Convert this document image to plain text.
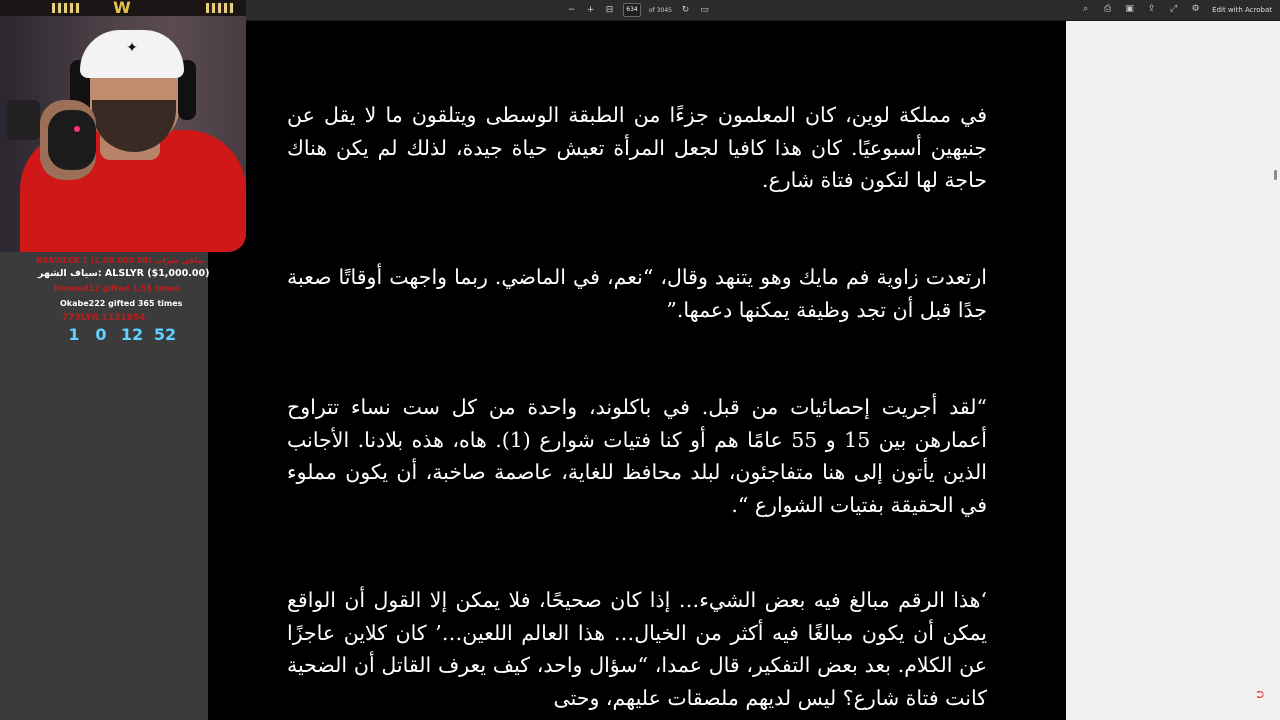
− + ⊟	634	of 3045 ↻ ▭	⌕	⎙ ▣ ⇪ ⤢ ⚙ Edit with Acrobat
في مملكة لوين، كان المعلمون جزءًا من الطبقة الوسطى ويتلقون ما لا يقل عن جنيهين أسبوعيًا. كان هذا كافيا لجعل المرأة تعيش حياة جيدة، لذلك لم يكن هناك حاجة لها لتكون فتاة شارع.
ارتعدت زاوية فم مايك وهو يتنهد وقال، “نعم، في الماضي. ربما واجهت أوقاتًا صعبة جدًا قبل أن تجد وظيفة يمكنها دعمها.”
“لقد أجريت إحصائيات من قبل. في باكلوند، واحدة من كل ست نساء تتراوح أعمارهن بين 15 و 55 عامًا هم أو كنا فتيات شوارع (1). هاه، هذه بلادنا. الأجانب الذين يأتون إلى هنا متفاجئون، لبلد محافظ للغاية، عاصمة صاخبة، أن يكون مملوء في الحقيقة بفتيات الشوارع “.
‘هذا الرقم مبالغ فيه بعض الشيء… إذا كان صحيحًا، فلا يمكن إلا القول أن الواقع يمكن أن يكون مبالغًا فيه أكثر من الخيال… هذا العالم اللعين…’ كان كلاين عاجزًا عن الكلام. بعد بعض التفكير، قال عمدا، “سؤال واحد، كيف يعرف القاتل أن الضحية كانت فتاة شارع؟ ليس لديهم ملصقات عليهم، وحتى
W
✦
BRAWLER 1 (1.00.000.00) ساقي شراب
سياف الشهر: ALSLYR ($1,000.00)
Hmmod12 gifted 1/55 times
Okabe222 gifted 365 times
773LYR 1121654
1 0 12 52
⮊
